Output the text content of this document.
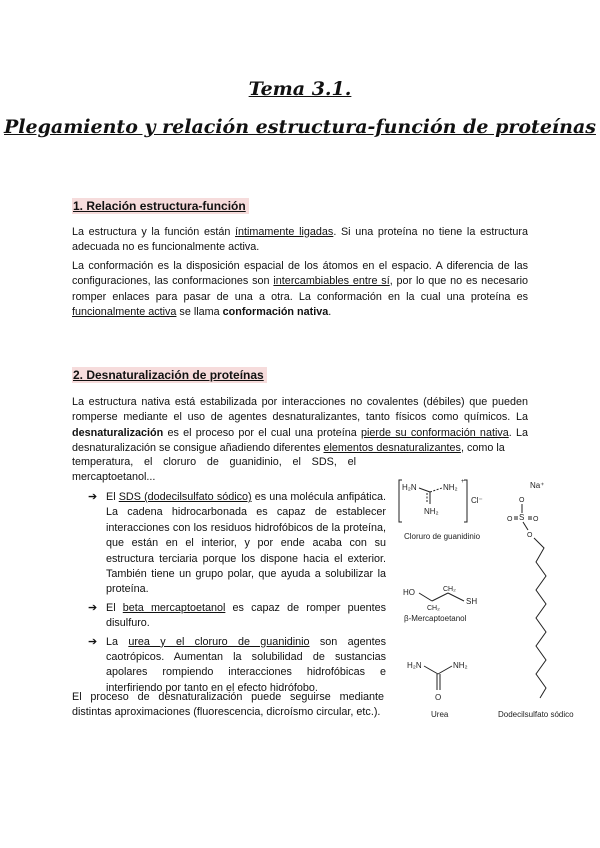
Tema 3.1.
Plegamiento y relación estructura-función de proteínas
1. Relación estructura-función

La estructura y la función están íntimamente ligadas. Si una proteína no tiene la estructura adecuada no es funcionalmente activa.

La conformación es la disposición espacial de los átomos en el espacio. A diferencia de las configuraciones, las conformaciones son intercambiables entre sí, por lo que no es necesario romper enlaces para pasar de una a otra. La conformación en la cual una proteína es funcionalmente activa se llama conformación nativa.

2. Desnaturalización de proteínas

La estructura nativa está estabilizada por interacciones no covalentes (débiles) que pueden romperse mediante el uso de agentes desnaturalizantes, tanto físicos como químicos. La desnaturalización es el proceso por el cual una proteína pierde su conformación nativa. La desnaturalización se consigue añadiendo diferentes elementos desnaturalizantes, como la

temperatura, el cloruro de guanidinio, el SDS, el mercaptoetanol...

➔ El SDS (dodecilsulfato sódico) es una molécula anfipática. La cadena hidrocarbonada es capaz de establecer interacciones con los residuos hidrofóbicos de la proteína, que están en el interior, y por ende acaba con su estructura terciaria porque los dispone hacia el exterior. También tiene un grupo polar, que ayuda a solubilizar la proteína.
➔ El beta mercaptoetanol es capaz de romper puentes disulfuro.
➔ La urea y el cloruro de guanidinio son agentes caotrópicos. Aumentan la solubilidad de sustancias apolares rompiendo interacciones hidrofóbicas e interfiriendo por tanto en el efecto hidrófobo.

El proceso de desnaturalización puede seguirse mediante distintas aproximaciones (fluorescencia, dicroísmo circular, etc.).

H₂N	NH₂
+
NH₂
Cl⁻
Cloruro de guanidinio
HO
CH₂
CH₂
SH
β-Mercaptoetanol
H₂N	NH₂
O
Urea
Na⁺
O
S
O	O
O
Dodecilsulfato sódico
